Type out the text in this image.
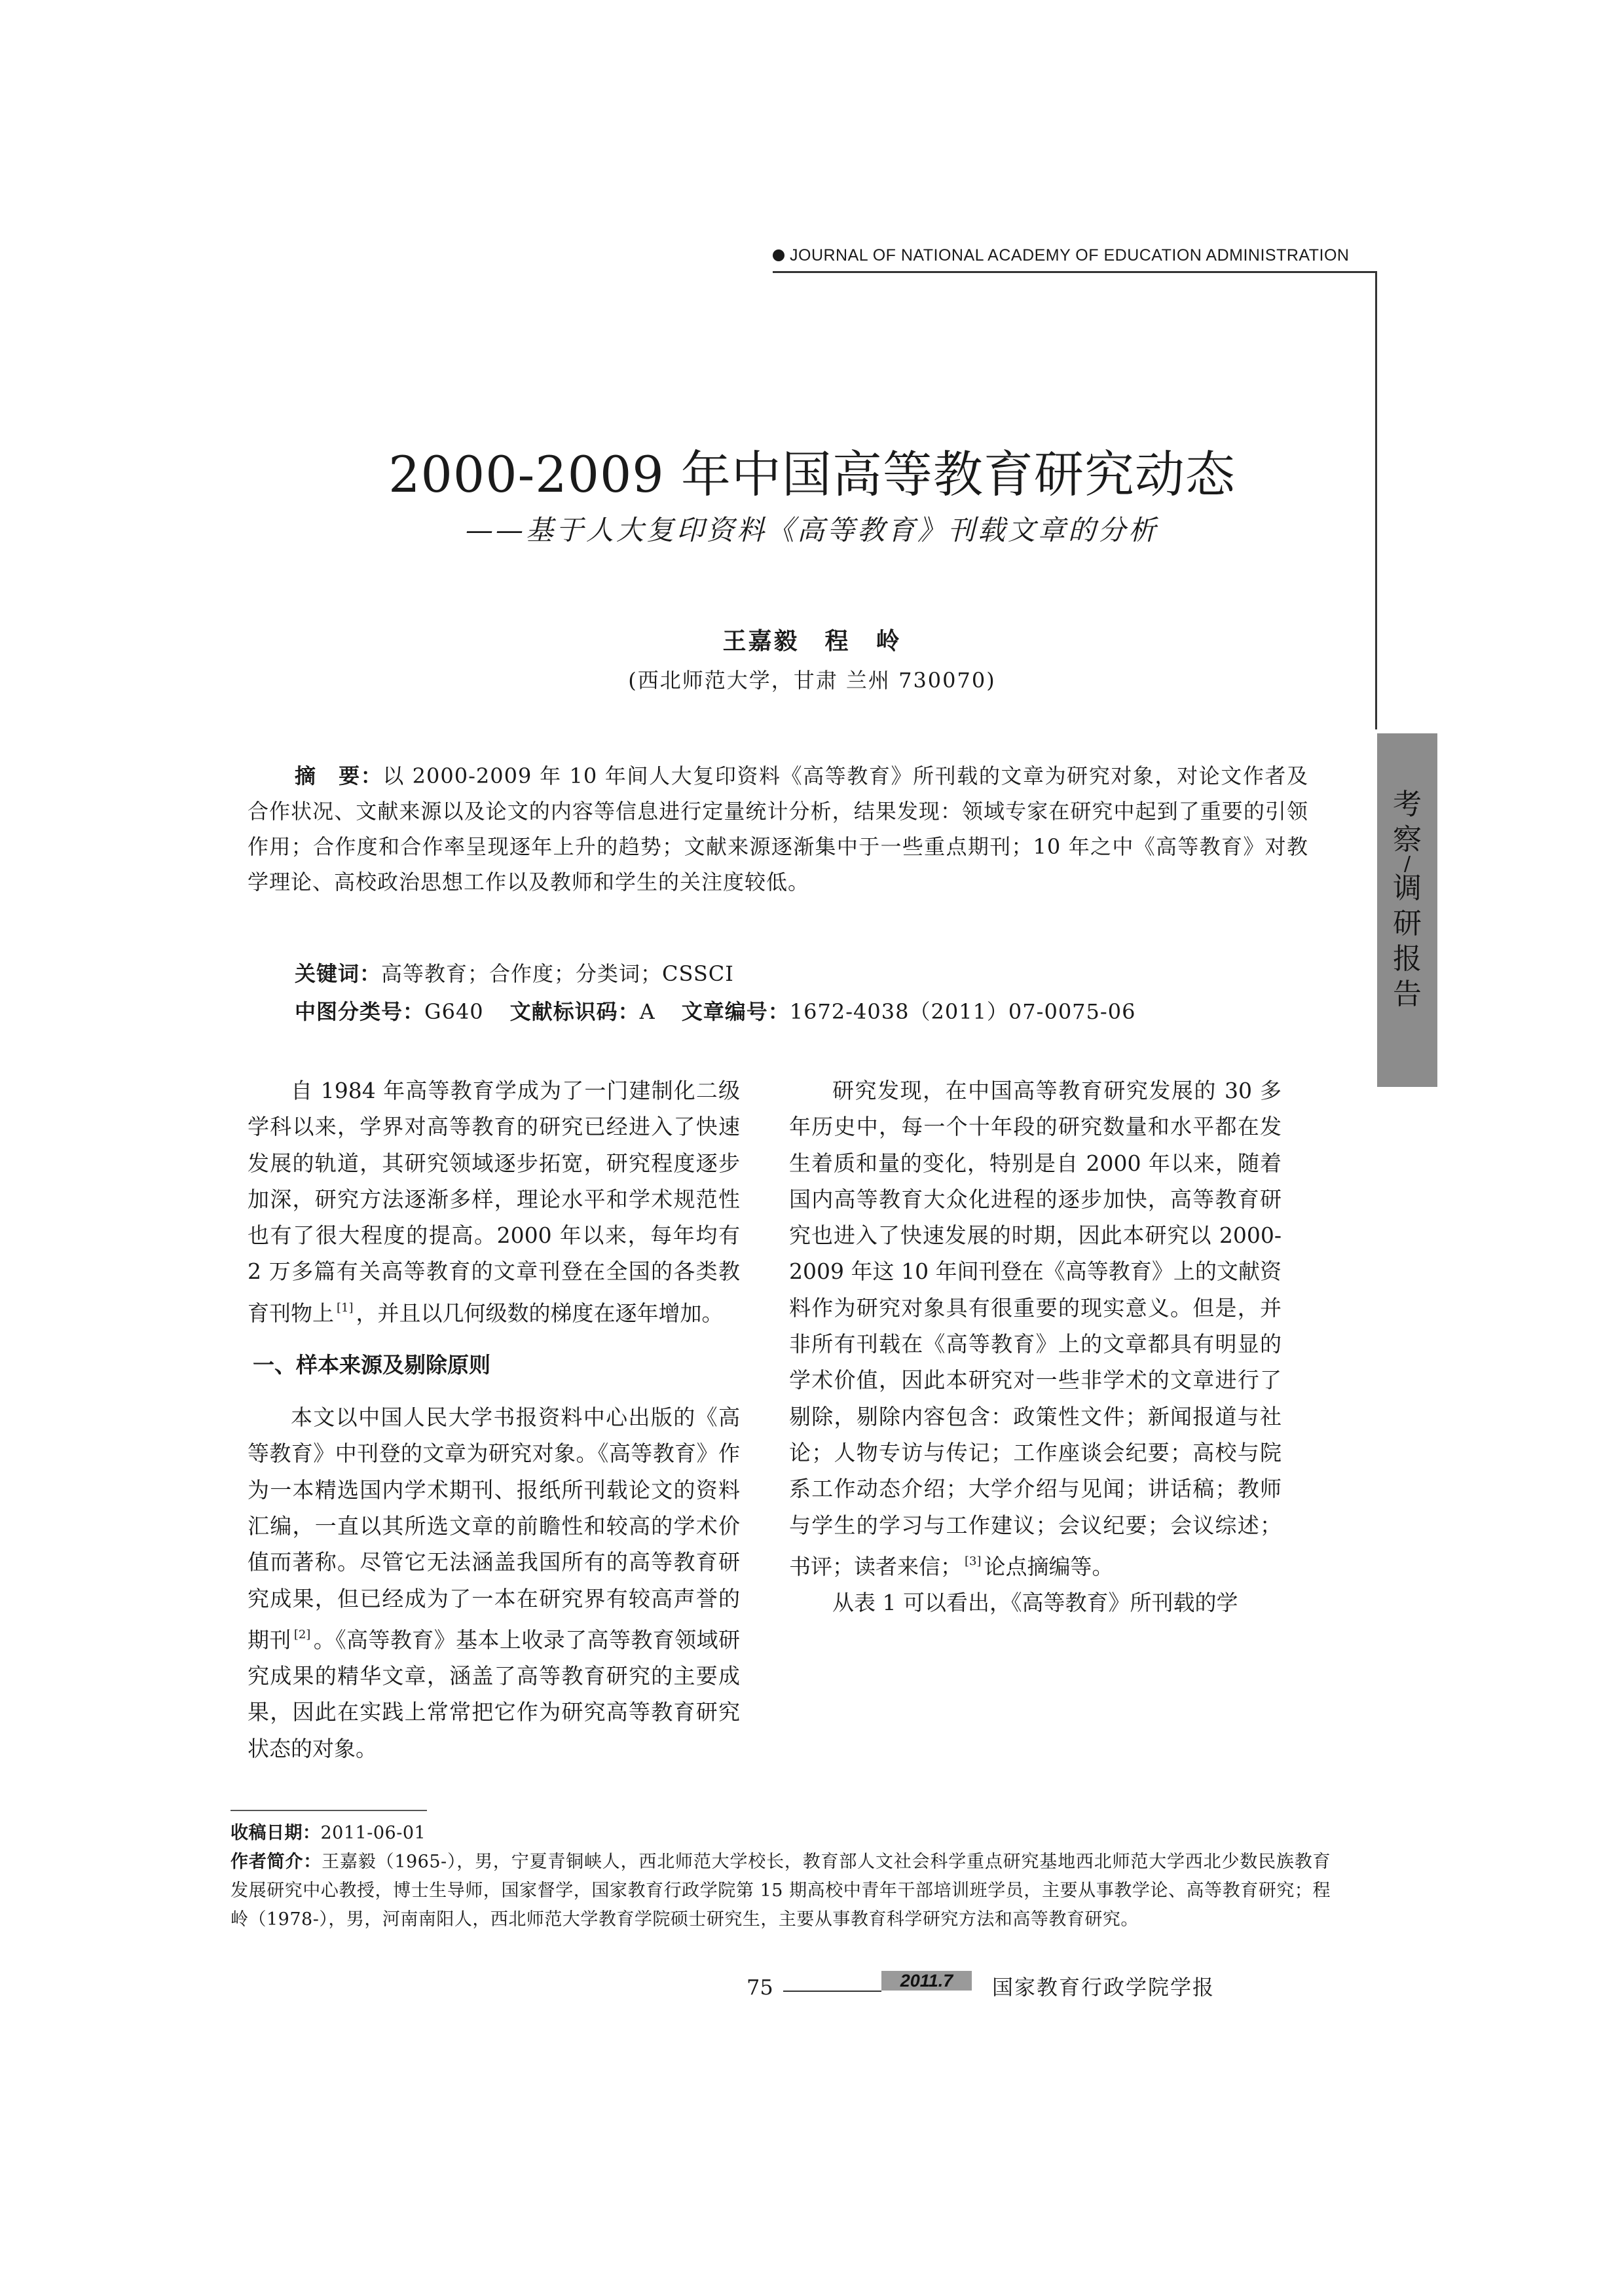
JOURNAL OF NATIONAL ACADEMY OF EDUCATION ADMINISTRATION
考
察
/
调
研
报
告
2000-2009 年中国高等教育研究动态
——基于人大复印资料《高等教育》刊载文章的分析
王嘉毅　程　岭
(西北师范大学，甘肃 兰州 730070)

摘　要：以 2000-2009 年 10 年间人大复印资料《高等教育》所刊载的文章为研究对象，对论文作者及合作状况、文献来源以及论文的内容等信息进行定量统计分析，结果发现：领域专家在研究中起到了重要的引领作用；合作度和合作率呈现逐年上升的趋势；文献来源逐渐集中于一些重点期刊；10 年之中《高等教育》对教学理论、高校政治思想工作以及教师和学生的关注度较低。

关键词：高等教育；合作度；分类词；CSSCI
中图分类号：G640 文献标识码：A 文章编号：1672-4038（2011）07-0075-06

自 1984 年高等教育学成为了一门建制化二级学科以来，学界对高等教育的研究已经进入了快速发展的轨道，其研究领域逐步拓宽，研究程度逐步加深，研究方法逐渐多样，理论水平和学术规范性也有了很大程度的提高。2000 年以来，每年均有 2 万多篇有关高等教育的文章刊登在全国的各类教育刊物上 [1] ，并且以几何级数的梯度在逐年增加。

一、样本来源及剔除原则

本文以中国人民大学书报资料中心出版的《高等教育》中刊登的文章为研究对象。《高等教育》作为一本精选国内学术期刊、报纸所刊载论文的资料汇编，一直以其所选文章的前瞻性和较高的学术价值而著称。尽管它无法涵盖我国所有的高等教育研究成果，但已经成为了一本在研究界有较高声誉的期刊 [2] 。《高等教育》基本上收录了高等教育领域研究成果的精华文章，涵盖了高等教育研究的主要成果，因此在实践上常常把它作为研究高等教育研究状态的对象。

研究发现，在中国高等教育研究发展的 30 多年历史中，每一个十年段的研究数量和水平都在发生着质和量的变化，特别是自 2000 年以来，随着国内高等教育大众化进程的逐步加快，高等教育研究也进入了快速发展的时期，因此本研究以 2000-2009 年这 10 年间刊登在《高等教育》上的文献资料作为研究对象具有很重要的现实意义。但是，并非所有刊载在《高等教育》上的文章都具有明显的学术价值，因此本研究对一些非学术的文章进行了剔除，剔除内容包含：政策性文件；新闻报道与社论；人物专访与传记；工作座谈会纪要；高校与院系工作动态介绍；大学介绍与见闻；讲话稿；教师与学生的学习与工作建议；会议纪要；会议综述；书评；读者来信； [3] 论点摘编等。

从表 1 可以看出，《高等教育》所刊载的学

收稿日期：2011-06-01

作者简介：王嘉毅（1965-），男，宁夏青铜峡人，西北师范大学校长，教育部人文社会科学重点研究基地西北师范大学西北少数民族教育发展研究中心教授，博士生导师，国家督学，国家教育行政学院第 15 期高校中青年干部培训班学员，主要从事教学论、高等教育研究；程岭（1978-），男，河南南阳人，西北师范大学教育学院硕士研究生，主要从事教育科学研究方法和高等教育研究。

75	2011.7	国家教育行政学院学报
